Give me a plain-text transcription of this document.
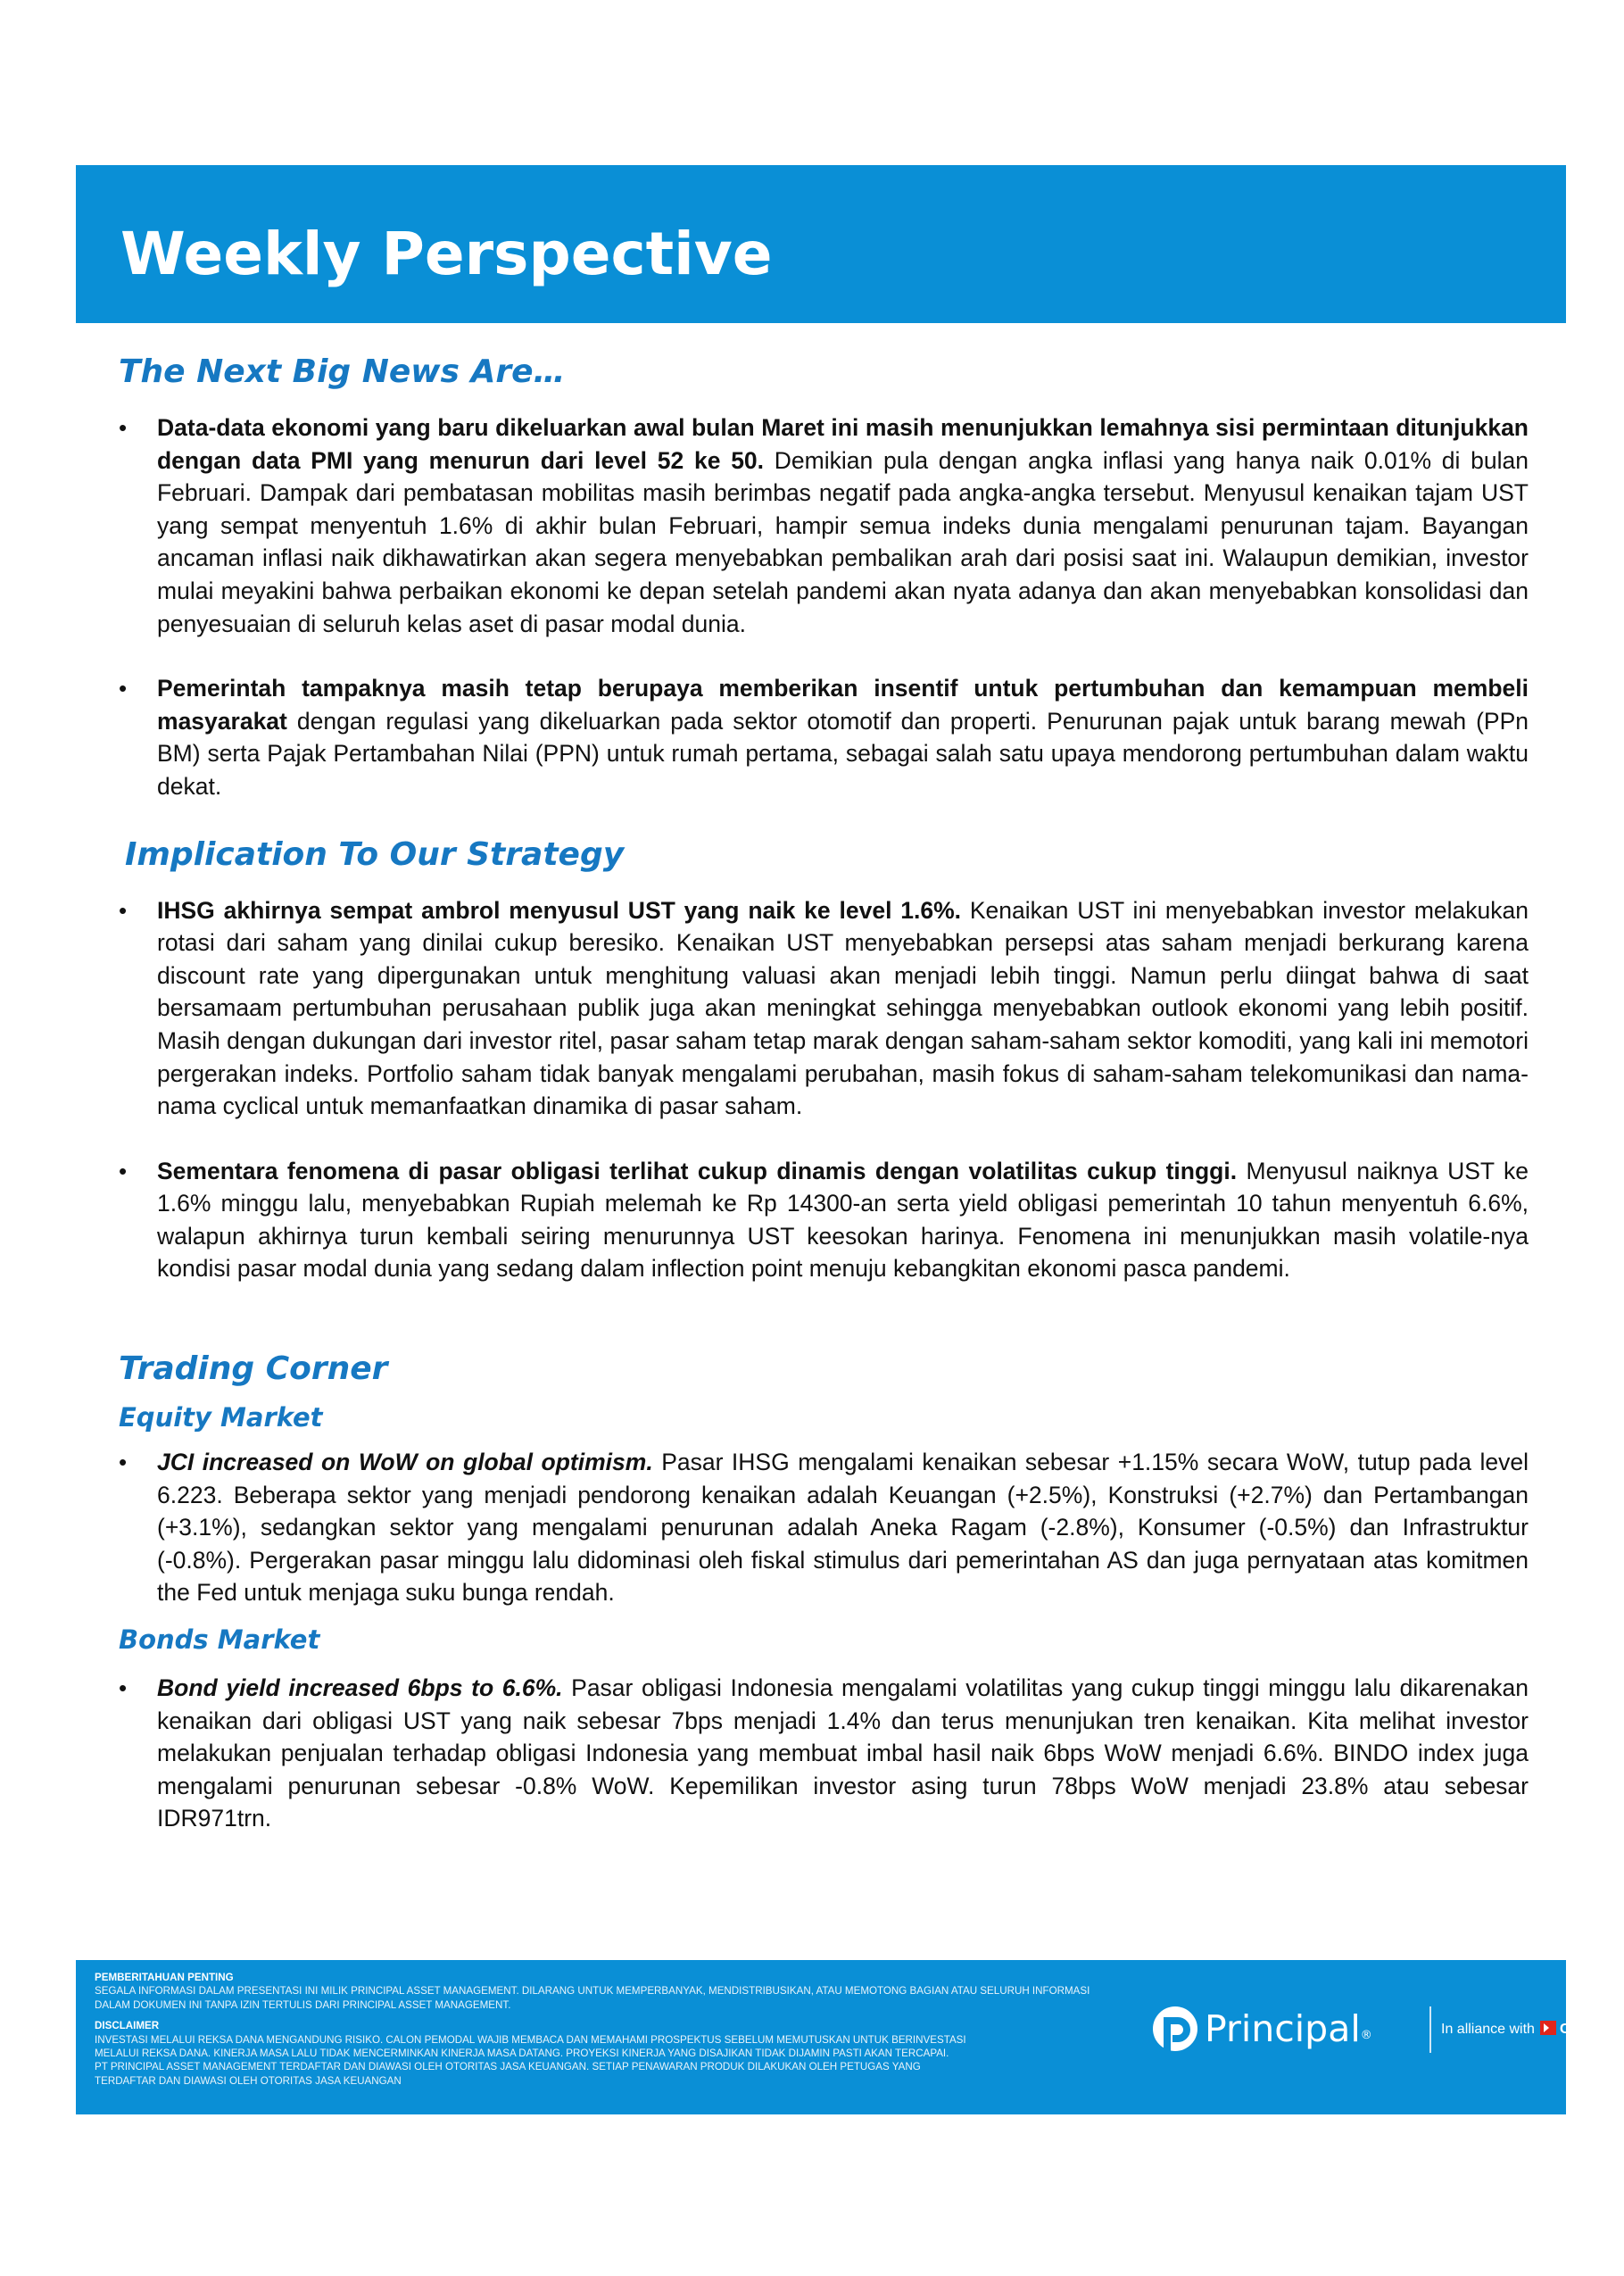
Weekly Perspective
The Next Big News Are…
• Data-data ekonomi yang baru dikeluarkan awal bulan Maret ini masih menunjukkan lemahnya sisi permintaan ditunjukkan dengan data PMI yang menurun dari level 52 ke 50. Demikian pula dengan angka inflasi yang hanya naik 0.01% di bulan Februari. Dampak dari pembatasan mobilitas masih berimbas negatif pada angka-angka tersebut. Menyusul kenaikan tajam UST yang sempat menyentuh 1.6% di akhir bulan Februari, hampir semua indeks dunia mengalami penurunan tajam. Bayangan ancaman inflasi naik dikhawatirkan akan segera menyebabkan pembalikan arah dari posisi saat ini. Walaupun demikian, investor mulai meyakini bahwa perbaikan ekonomi ke depan setelah pandemi akan nyata adanya dan akan menyebabkan konsolidasi dan penyesuaian di seluruh kelas aset di pasar modal dunia.
• Pemerintah tampaknya masih tetap berupaya memberikan insentif untuk pertumbuhan dan kemampuan membeli masyarakat dengan regulasi yang dikeluarkan pada sektor otomotif dan properti. Penurunan pajak untuk barang mewah (PPn BM) serta Pajak Pertambahan Nilai (PPN) untuk rumah pertama, sebagai salah satu upaya mendorong pertumbuhan dalam waktu dekat.
Implication To Our Strategy
• IHSG akhirnya sempat ambrol menyusul UST yang naik ke level 1.6%. Kenaikan UST ini menyebabkan investor melakukan rotasi dari saham yang dinilai cukup beresiko. Kenaikan UST menyebabkan persepsi atas saham menjadi berkurang karena discount rate yang dipergunakan untuk menghitung valuasi akan menjadi lebih tinggi. Namun perlu diingat bahwa di saat bersamaam pertumbuhan perusahaan publik juga akan meningkat sehingga menyebabkan outlook ekonomi yang lebih positif. Masih dengan dukungan dari investor ritel, pasar saham tetap marak dengan saham-saham sektor komoditi, yang kali ini memotori pergerakan indeks. Portfolio saham tidak banyak mengalami perubahan, masih fokus di saham-saham telekomunikasi dan nama-nama cyclical untuk memanfaatkan dinamika di pasar saham.
• Sementara fenomena di pasar obligasi terlihat cukup dinamis dengan volatilitas cukup tinggi. Menyusul naiknya UST ke 1.6% minggu lalu, menyebabkan Rupiah melemah ke Rp 14300-an serta yield obligasi pemerintah 10 tahun menyentuh 6.6%, walapun akhirnya turun kembali seiring menurunnya UST keesokan harinya. Fenomena ini menunjukkan masih volatile-nya kondisi pasar modal dunia yang sedang dalam inflection point menuju kebangkitan ekonomi pasca pandemi.
Trading Corner
Equity Market
• JCI increased on WoW on global optimism. Pasar IHSG mengalami kenaikan sebesar +1.15% secara WoW, tutup pada level 6.223. Beberapa sektor yang menjadi pendorong kenaikan adalah Keuangan (+2.5%), Konstruksi (+2.7%) dan Pertambangan (+3.1%), sedangkan sektor yang mengalami penurunan adalah Aneka Ragam (-2.8%), Konsumer (-0.5%) dan Infrastruktur (-0.8%). Pergerakan pasar minggu lalu didominasi oleh fiskal stimulus dari pemerintahan AS dan juga pernyataan atas komitmen the Fed untuk menjaga suku bunga rendah.
Bonds Market
• Bond yield increased 6bps to 6.6%. Pasar obligasi Indonesia mengalami volatilitas yang cukup tinggi minggu lalu dikarenakan kenaikan dari obligasi UST yang naik sebesar 7bps menjadi 1.4% dan terus menunjukan tren kenaikan. Kita melihat investor melakukan penjualan terhadap obligasi Indonesia yang membuat imbal hasil naik 6bps WoW menjadi 6.6%. BINDO index juga mengalami penurunan sebesar -0.8% WoW. Kepemilikan investor asing turun 78bps WoW menjadi 23.8% atau sebesar IDR971trn.
PEMBERITAHUAN PENTING
SEGALA INFORMASI DALAM PRESENTASI INI MILIK PRINCIPAL ASSET MANAGEMENT. DILARANG UNTUK MEMPERBANYAK, MENDISTRIBUSIKAN, ATAU MEMOTONG BAGIAN ATAU SELURUH INFORMASI
DALAM DOKUMEN INI TANPA IZIN TERTULIS DARI PRINCIPAL ASSET MANAGEMENT.
DISCLAIMER
INVESTASI MELALUI REKSA DANA MENGANDUNG RISIKO. CALON PEMODAL WAJIB MEMBACA DAN MEMAHAMI PROSPEKTUS SEBELUM MEMUTUSKAN UNTUK BERINVESTASI
MELALUI REKSA DANA. KINERJA MASA LALU TIDAK MENCERMINKAN KINERJA MASA DATANG. PROYEKSI KINERJA YANG DISAJIKAN TIDAK DIJAMIN PASTI AKAN TERCAPAI.
PT PRINCIPAL ASSET MANAGEMENT TERDAFTAR DAN DIAWASI OLEH OTORITAS JASA KEUANGAN. SETIAP PENAWARAN PRODUK DILAKUKAN OLEH PETUGAS YANG
TERDAFTAR DAN DIAWASI OLEH OTORITAS JASA KEUANGAN
Principal®	In alliance with CIMB
